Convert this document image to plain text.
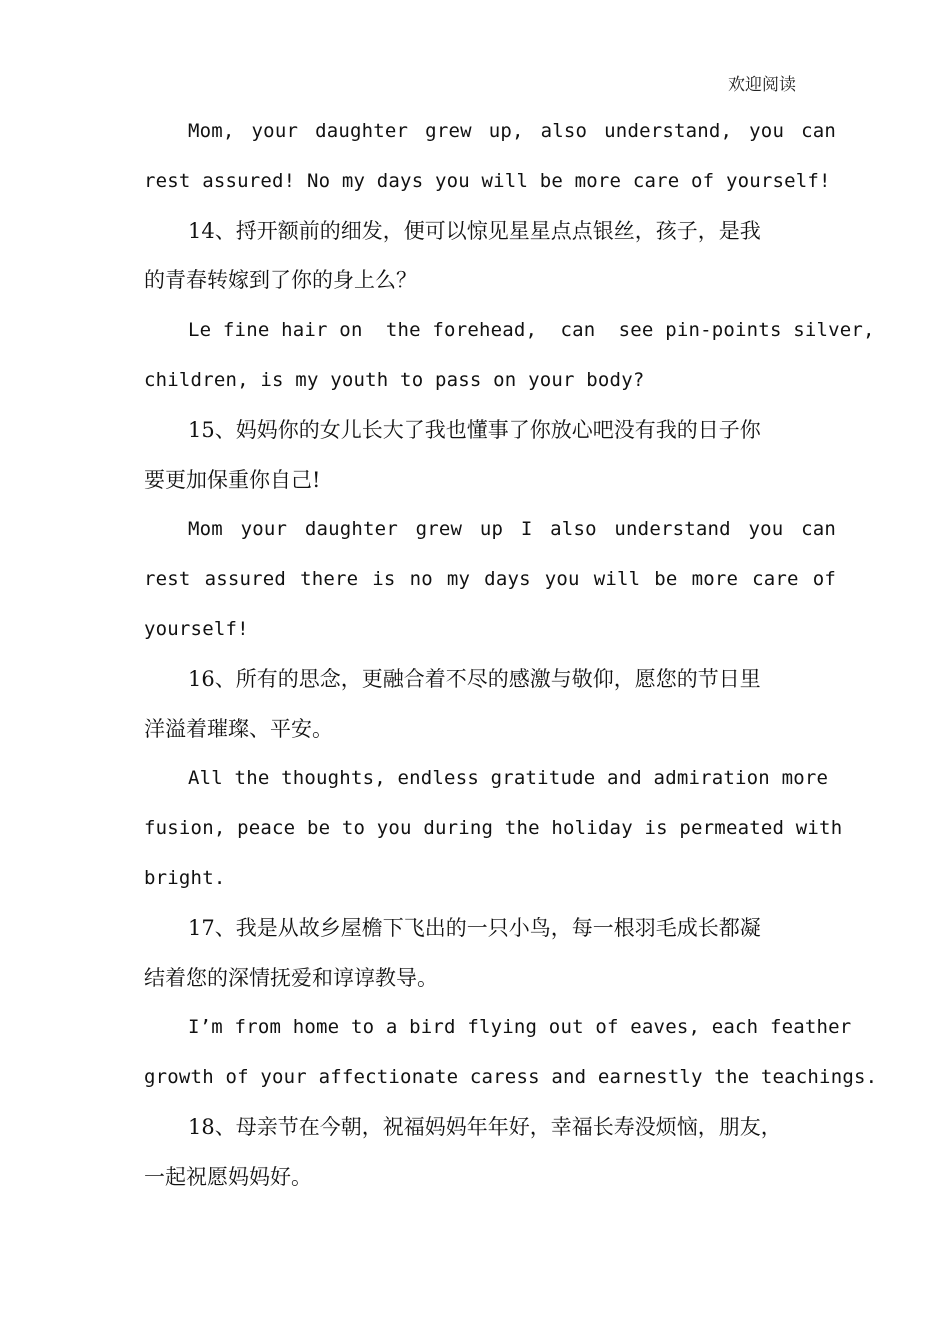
欢迎阅读
Mom, your daughter grew up, also understand, you can
rest assured! No my days you will be more care of yourself!
14、捋开额前的细发，便可以惊见星星点点银丝，孩子，是我
的青春转嫁到了你的身上么？
Le fine hair on  the forehead,  can  see pin-points silver,
children, is my youth to pass on your body?
15、妈妈你的女儿长大了我也懂事了你放心吧没有我的日子你
要更加保重你自己!
Mom your daughter grew up I also understand you can
rest assured there is no my days you will be more care of
yourself!
16、所有的思念，更融合着不尽的感激与敬仰，愿您的节日里
洋溢着璀璨、平安。
All the thoughts, endless gratitude and admiration more
fusion, peace be to you during the holiday is permeated with
bright.
17、我是从故乡屋檐下飞出的一只小鸟，每一根羽毛成长都凝
结着您的深情抚爱和谆谆教导。
I’m from home to a bird flying out of eaves, each feather
growth of your affectionate caress and earnestly the teachings.
18、母亲节在今朝，祝福妈妈年年好，幸福长寿没烦恼，朋友，
一起祝愿妈妈好。
